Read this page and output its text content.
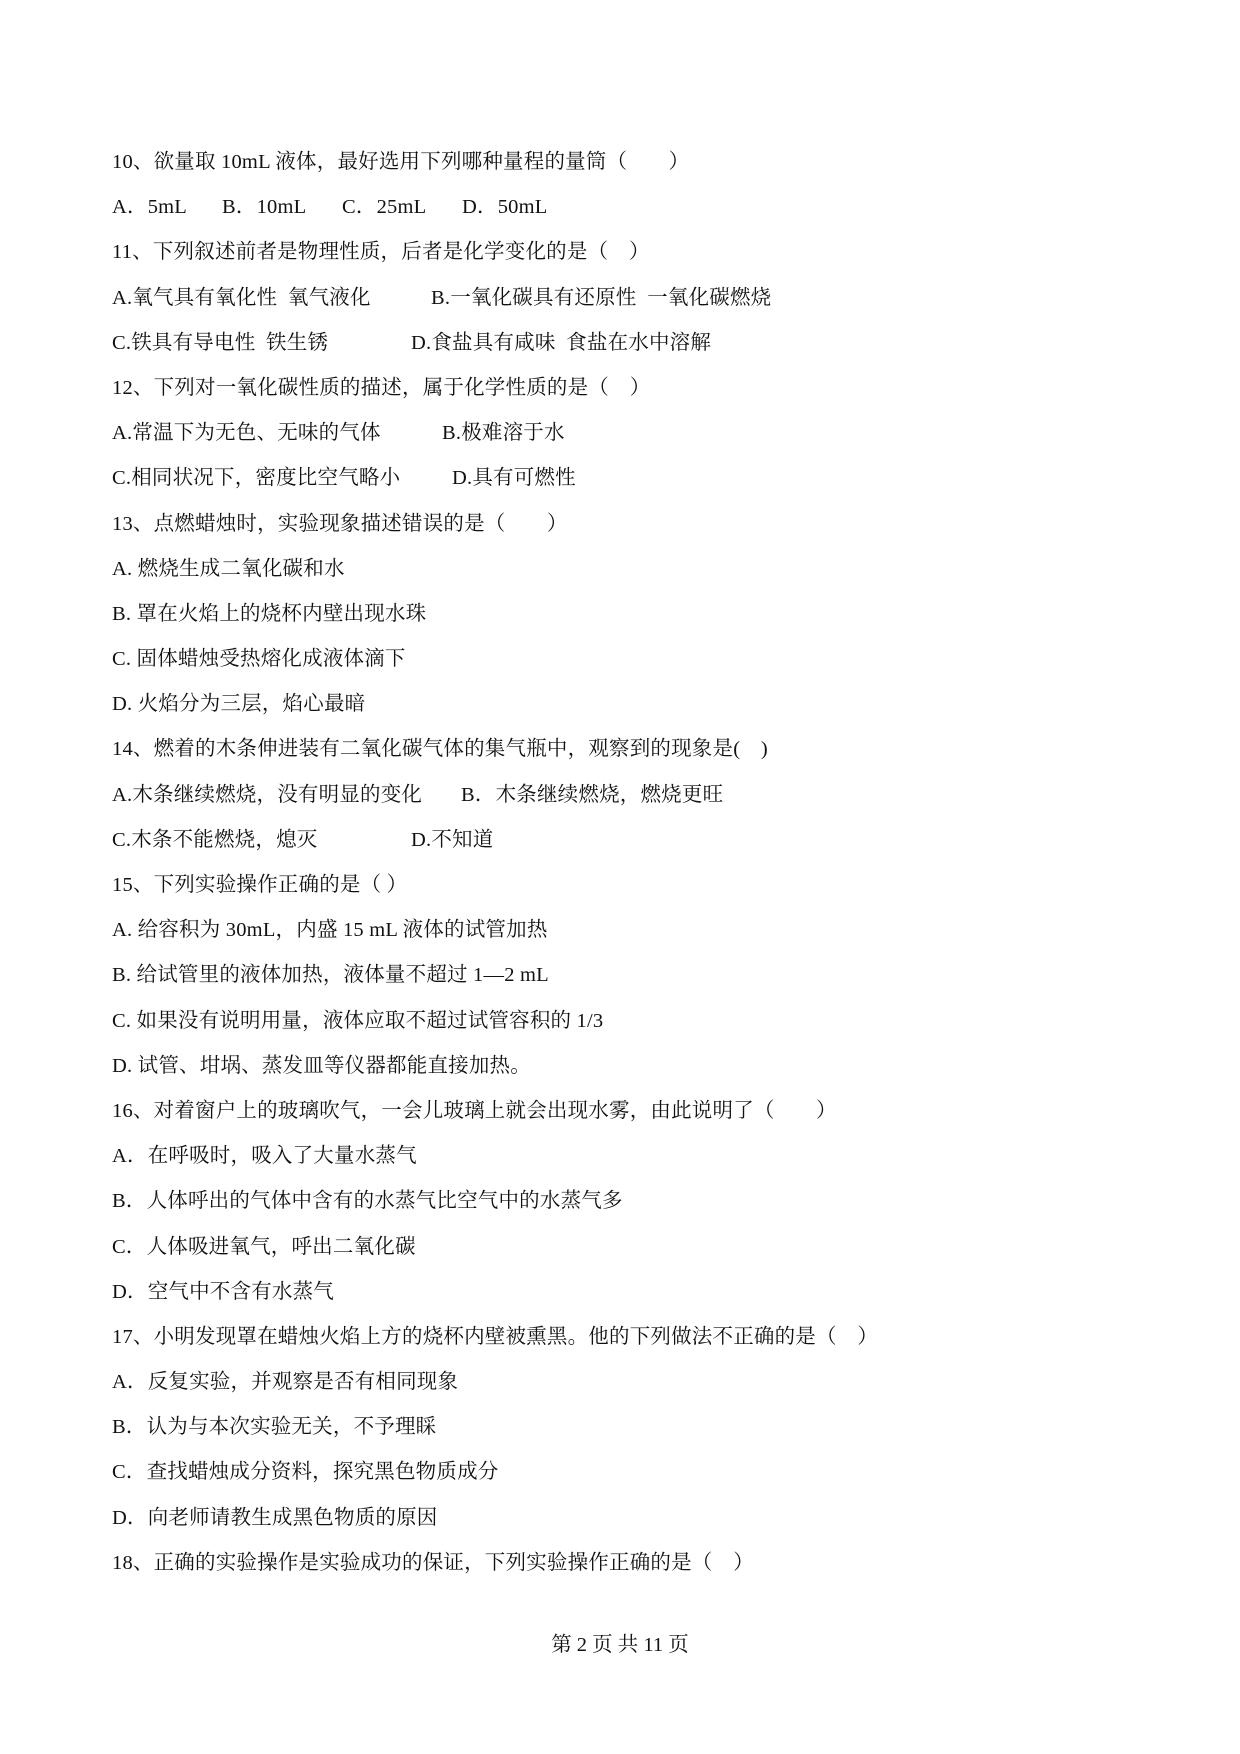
10、欲量取 10mL 液体，最好选用下列哪种量程的量筒（　　）
A．5mL	B．10mL	C．25mL	D．50mL
11、下列叙述前者是物理性质，后者是化学变化的是（　）
A.氧气具有氧化性  氧气液化	B.一氧化碳具有还原性  一氧化碳燃烧
C.铁具有导电性  铁生锈	D.食盐具有咸味  食盐在水中溶解
12、下列对一氧化碳性质的描述，属于化学性质的是（　）
A.常温下为无色、无味的气体	B.极难溶于水
C.相同状况下，密度比空气略小	D.具有可燃性
13、点燃蜡烛时，实验现象描述错误的是（　　）
A. 燃烧生成二氧化碳和水
B. 罩在火焰上的烧杯内壁出现水珠
C. 固体蜡烛受热熔化成液体滴下
D. 火焰分为三层，焰心最暗
14、燃着的木条伸进装有二氧化碳气体的集气瓶中，观察到的现象是(　)
A.木条继续燃烧，没有明显的变化	B．木条继续燃烧，燃烧更旺
C.木条不能燃烧，熄灭	D.不知道
15、下列实验操作正确的是（ ）
A. 给容积为 30mL，内盛 15 mL 液体的试管加热
B. 给试管里的液体加热，液体量不超过 1—2 mL
C. 如果没有说明用量，液体应取不超过试管容积的 1/3
D. 试管、坩埚、蒸发皿等仪器都能直接加热。
16、对着窗户上的玻璃吹气，一会儿玻璃上就会出现水雾，由此说明了（　　）
A．在呼吸时，吸入了大量水蒸气
B．人体呼出的气体中含有的水蒸气比空气中的水蒸气多
C．人体吸进氧气，呼出二氧化碳
D．空气中不含有水蒸气
17、小明发现罩在蜡烛火焰上方的烧杯内壁被熏黑。他的下列做法不正确的是（　）
A．反复实验，并观察是否有相同现象
B．认为与本次实验无关，不予理睬
C．查找蜡烛成分资料，探究黑色物质成分
D．向老师请教生成黑色物质的原因
18、正确的实验操作是实验成功的保证，下列实验操作正确的是（　）
第 2 页 共 11 页
